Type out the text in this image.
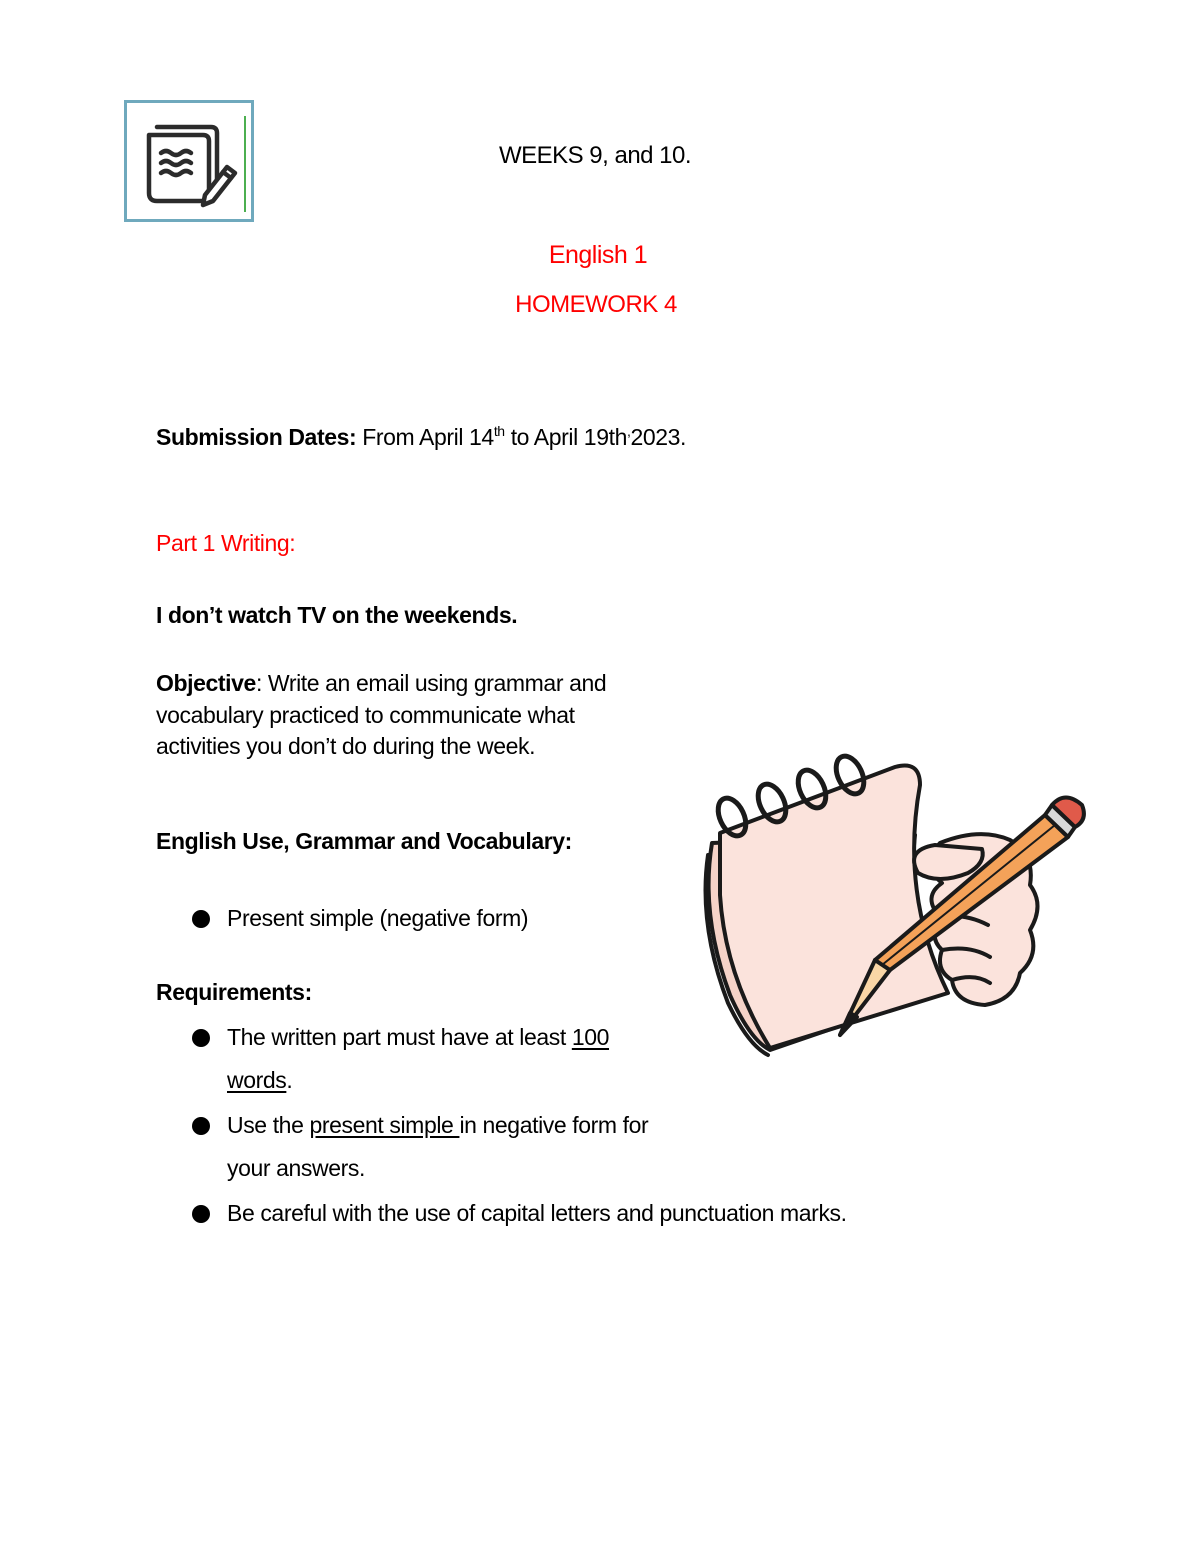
WEEKS 9, and 10.
English 1
HOMEWORK 4
Submission Dates: From April 14th to April 19th,2023.
Part 1 Writing:
I don’t watch TV on the weekends.
Objective: Write an email using grammar and
vocabulary practiced to communicate what
activities you don’t do during the week.
English Use, Grammar and Vocabulary:
Present simple (negative form)
Requirements:
The written part must have at least 100
words.
Use the present simple in negative form for
your answers.
Be careful with the use of capital letters and punctuation marks.
